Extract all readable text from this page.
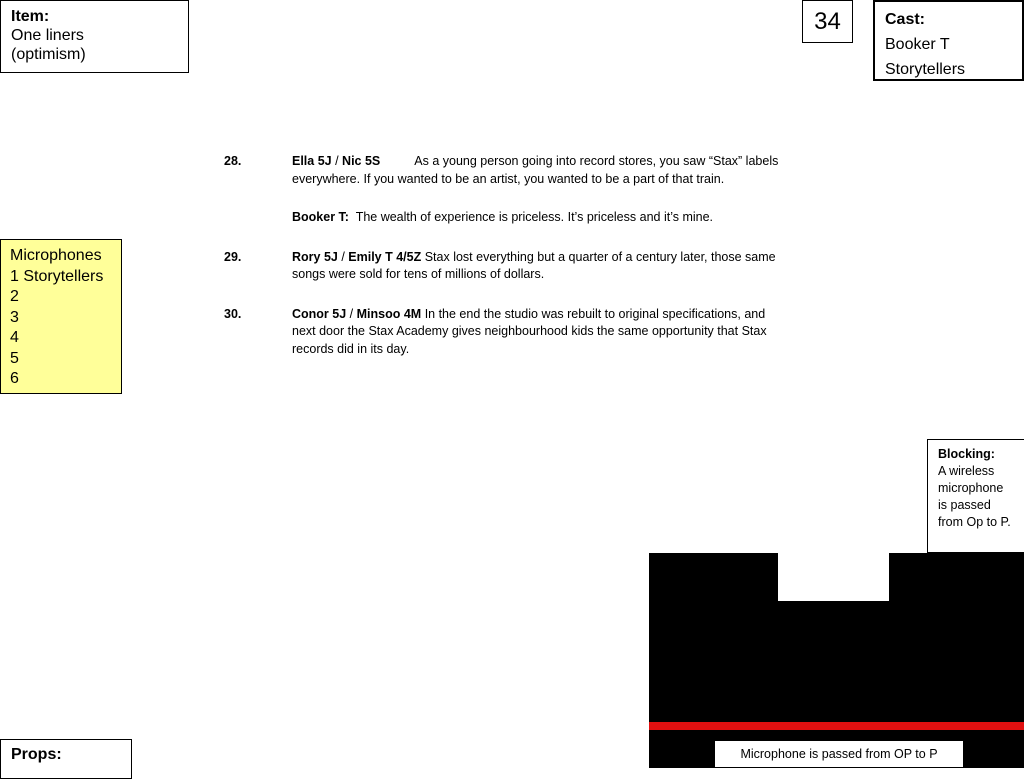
Item:
One liners
(optimism)
34	Cast:
Booker T
Storytellers
Microphones
1 Storytellers
2
3
4
5
6
28.	Ella 5J / Nic 5S	As a young person going into record stores, you saw “Stax” labels everywhere. If you wanted to be an artist, you wanted to be a part of that train.
Booker T: The wealth of experience is priceless. It’s priceless and it’s mine.
29.	Rory 5J / Emily T 4/5Z Stax lost everything but a quarter of a century later, those same songs were sold for tens of millions of dollars.
30.	Conor 5J / Minsoo 4M In the end the studio was rebuilt to original specifications, and next door the Stax Academy gives neighbourhood kids the same opportunity that Stax records did in its day.
Blocking:
A wireless microphone is passed from Op to P.
Microphone is passed from OP to P
Props:
